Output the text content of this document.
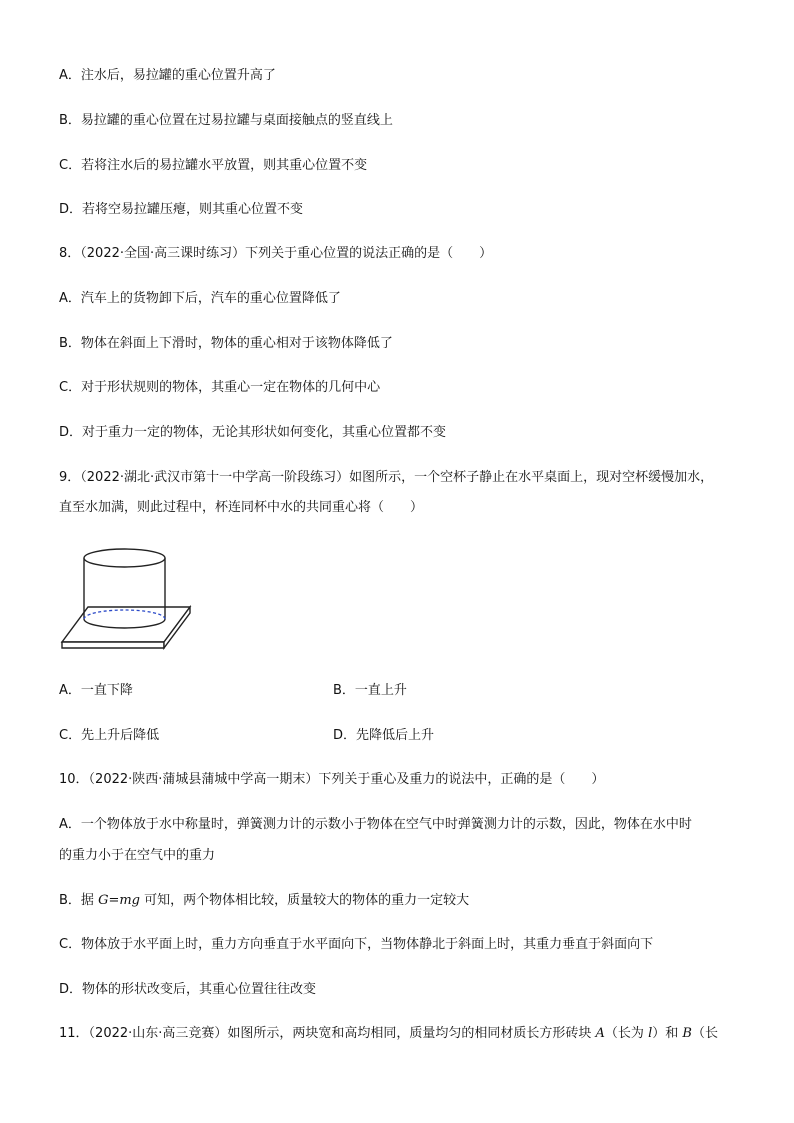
A．注水后，易拉罐的重心位置升高了
B．易拉罐的重心位置在过易拉罐与桌面接触点的竖直线上
C．若将注水后的易拉罐水平放置，则其重心位置不变
D．若将空易拉罐压瘪，则其重心位置不变
8．（2022·全国·高三课时练习）下列关于重心位置的说法正确的是（　　）
A．汽车上的货物卸下后，汽车的重心位置降低了
B．物体在斜面上下滑时，物体的重心相对于该物体降低了
C．对于形状规则的物体，其重心一定在物体的几何中心
D．对于重力一定的物体，无论其形状如何变化，其重心位置都不变
9．（2022·湖北·武汉市第十一中学高一阶段练习）如图所示，一个空杯子静止在水平桌面上，现对空杯缓慢加水，
直至水加满，则此过程中，杯连同杯中水的共同重心将（　　）
A．一直下降	B．一直上升
C．先上升后降低	D．先降低后上升
10．（2022·陕西·蒲城县蒲城中学高一期末）下列关于重心及重力的说法中，正确的是（　　）
A．一个物体放于水中称量时，弹簧测力计的示数小于物体在空气中时弹簧测力计的示数，因此，物体在水中时
的重力小于在空气中的重力
B．据 G=mg 可知，两个物体相比较，质量较大的物体的重力一定较大
C．物体放于水平面上时，重力方向垂直于水平面向下，当物体静北于斜面上时，其重力垂直于斜面向下
D．物体的形状改变后，其重心位置往往改变
11．（2022·山东·高三竞赛）如图所示，两块宽和高均相同，质量均匀的相同材质长方形砖块 A（长为 l）和 B（长
